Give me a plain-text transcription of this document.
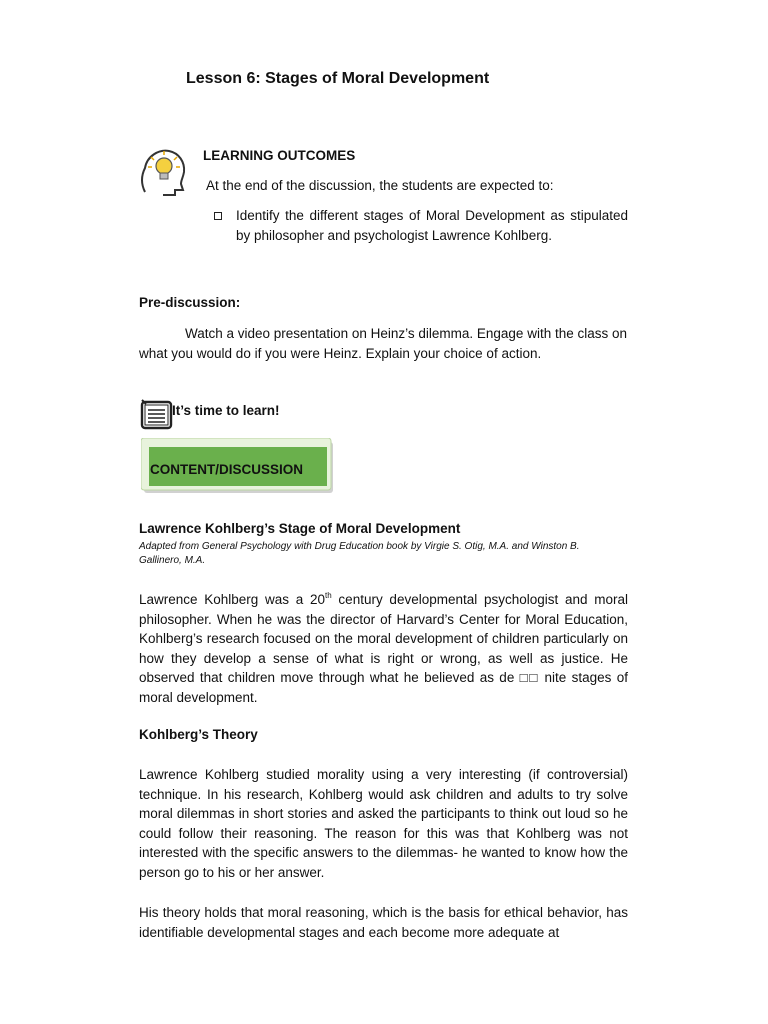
Lesson 6: Stages of Moral Development
LEARNING OUTCOMES
At the end of the discussion, the students are expected to:
Identify the different stages of Moral Development as stipulated by philosopher and psychologist Lawrence Kohlberg.
Pre-discussion:
Watch a video presentation on Heinz’s dilemma. Engage with the class on what you would do if you were Heinz. Explain your choice of action.
It’s time to learn!
CONTENT/DISCUSSION
Lawrence Kohlberg’s Stage of Moral Development
Adapted from General Psychology with Drug Education book by Virgie S. Otig, M.A. and Winston B. Gallinero, M.A.
Lawrence Kohlberg was a 20th century developmental psychologist and moral philosopher. When he was the director of Harvard’s Center for Moral Education, Kohlberg’s research focused on the moral development of children particularly on how they develop a sense of what is right or wrong, as well as justice. He observed that children move through what he believed as de □□ nite stages of moral development.
Kohlberg’s Theory
Lawrence Kohlberg studied morality using a very interesting (if controversial) technique. In his research, Kohlberg would ask children and adults to try solve moral dilemmas in short stories and asked the participants to think out loud so he could follow their reasoning. The reason for this was that Kohlberg was not interested with the specific answers to the dilemmas- he wanted to know how the person go to his or her answer.
His theory holds that moral reasoning, which is the basis for ethical behavior, has identifiable developmental stages and each become more adequate at
